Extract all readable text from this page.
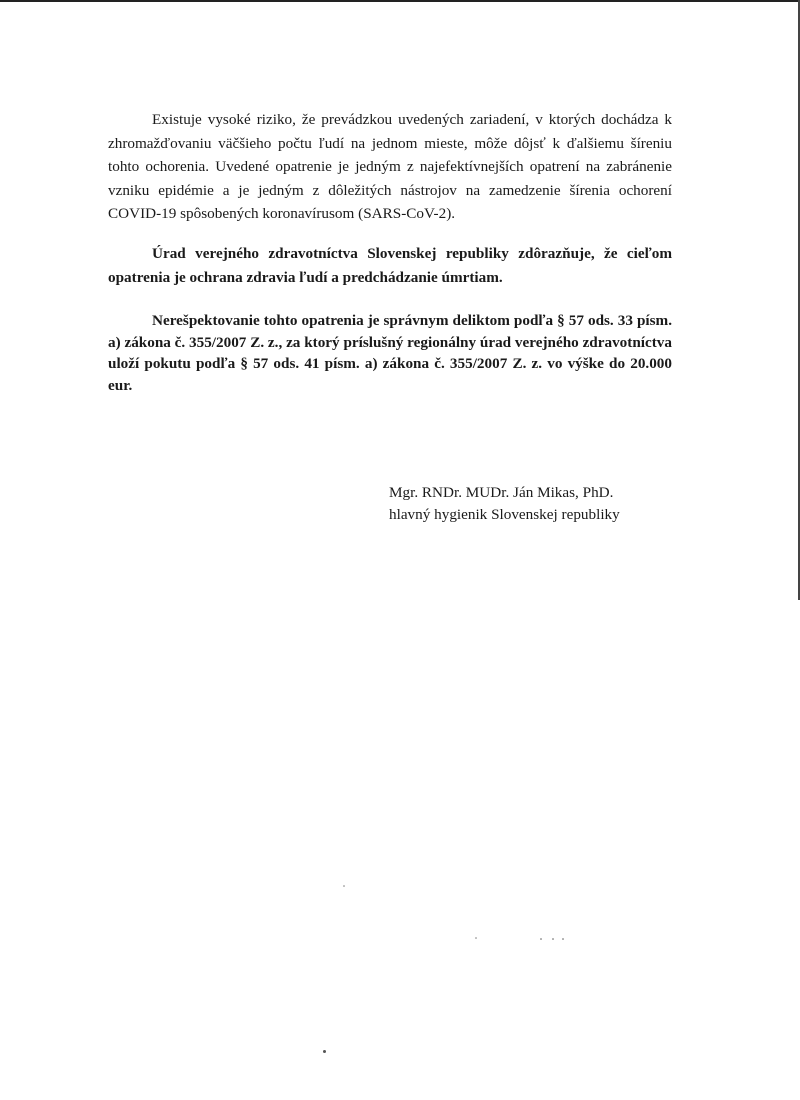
Existuje vysoké riziko, že prevádzkou uvedených zariadení, v ktorých dochádza k zhromažďovaniu väčšieho počtu ľudí na jednom mieste, môže dôjsť k ďalšiemu šíreniu tohto ochorenia. Uvedené opatrenie je jedným z najefektívnejších opatrení na zabránenie vzniku epidémie a je jedným z dôležitých nástrojov na zamedzenie šírenia ochorení COVID-19 spôsobených koronavírusom (SARS-CoV-2).

Úrad verejného zdravotníctva Slovenskej republiky zdôrazňuje, že cieľom opatrenia je ochrana zdravia ľudí a predchádzanie úmrtiam.

Nerešpektovanie tohto opatrenia je správnym deliktom podľa § 57 ods. 33 písm. a) zákona č. 355/2007 Z. z., za ktorý príslušný regionálny úrad verejného zdravotníctva uloží pokutu podľa § 57 ods. 41 písm. a) zákona č. 355/2007 Z. z. vo výške do 20.000 eur.

Mgr. RNDr. MUDr. Ján Mikas, PhD.
hlavný hygienik Slovenskej republiky
